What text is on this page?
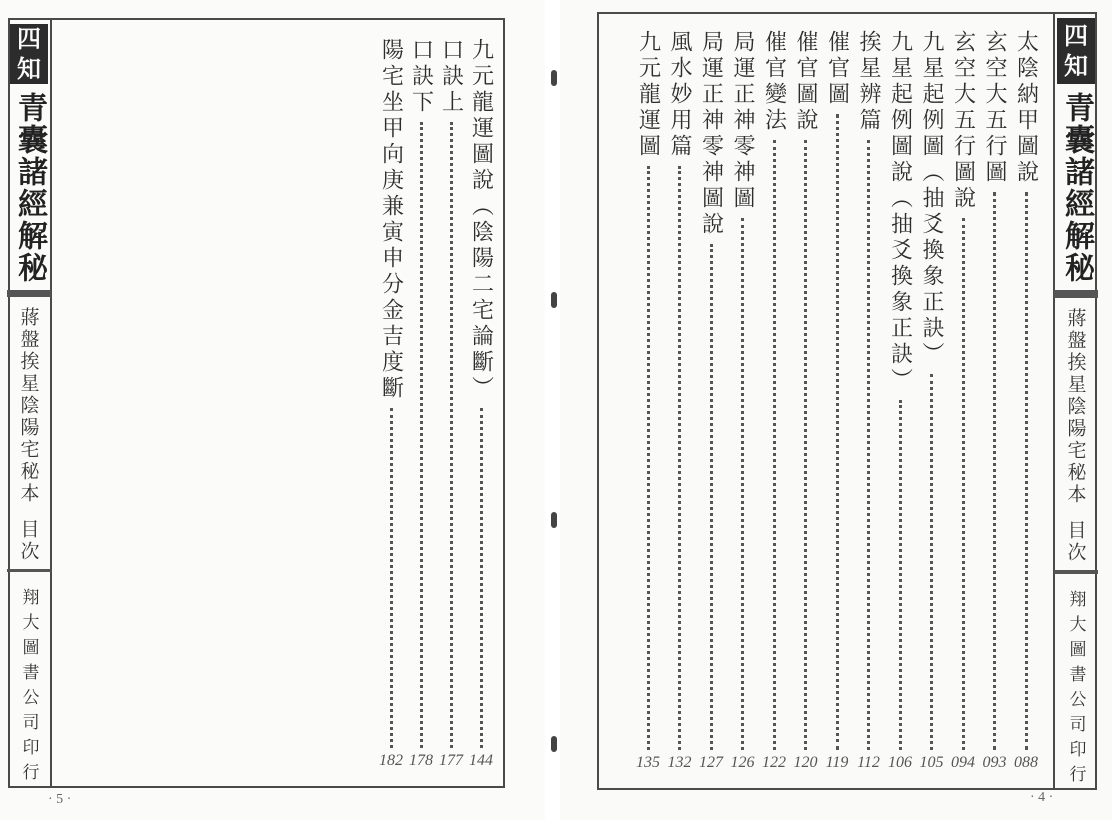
四
知
青囊諸經解秘
蔣盤挨星陰陽宅秘本
目次
翔大圖書公司印行
九元龍運圖說（陰陽二宅論斷）
144
口訣上
177
口訣下
178
陽宅坐甲向庚兼寅申分金吉度斷
182
· 5 ·
四
知
青囊諸經解秘
蔣盤挨星陰陽宅秘本
目次
翔大圖書公司印行
太陰納甲圖說
088
玄空大五行圖
093
玄空大五行圖說
094
九星起例圖（抽爻換象正訣）
105
九星起例圖說（抽爻換象正訣）
106
挨星辨篇
112
催官圖
119
催官圖說
120
催官變法
122
局運正神零神圖
126
局運正神零神圖說
127
風水妙用篇
132
九元龍運圖
135
· 4 ·
